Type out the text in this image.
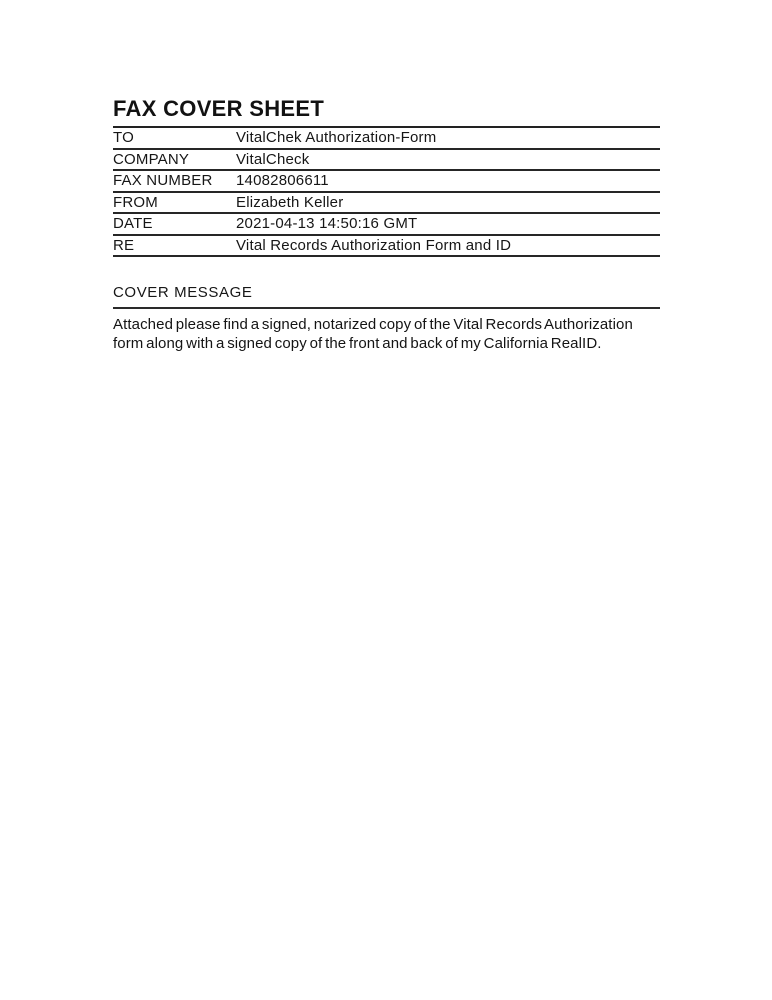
FAX COVER SHEET
TO	VitalChek Authorization-Form
COMPANY	VitalCheck
FAX NUMBER	14082806611
FROM	Elizabeth Keller
DATE	2021-04-13 14:50:16 GMT
RE	Vital Records Authorization Form and ID
COVER MESSAGE
Attached please find a signed, notarized copy of the Vital Records Authorization
form along with a signed copy of the front and back of my California RealID.
